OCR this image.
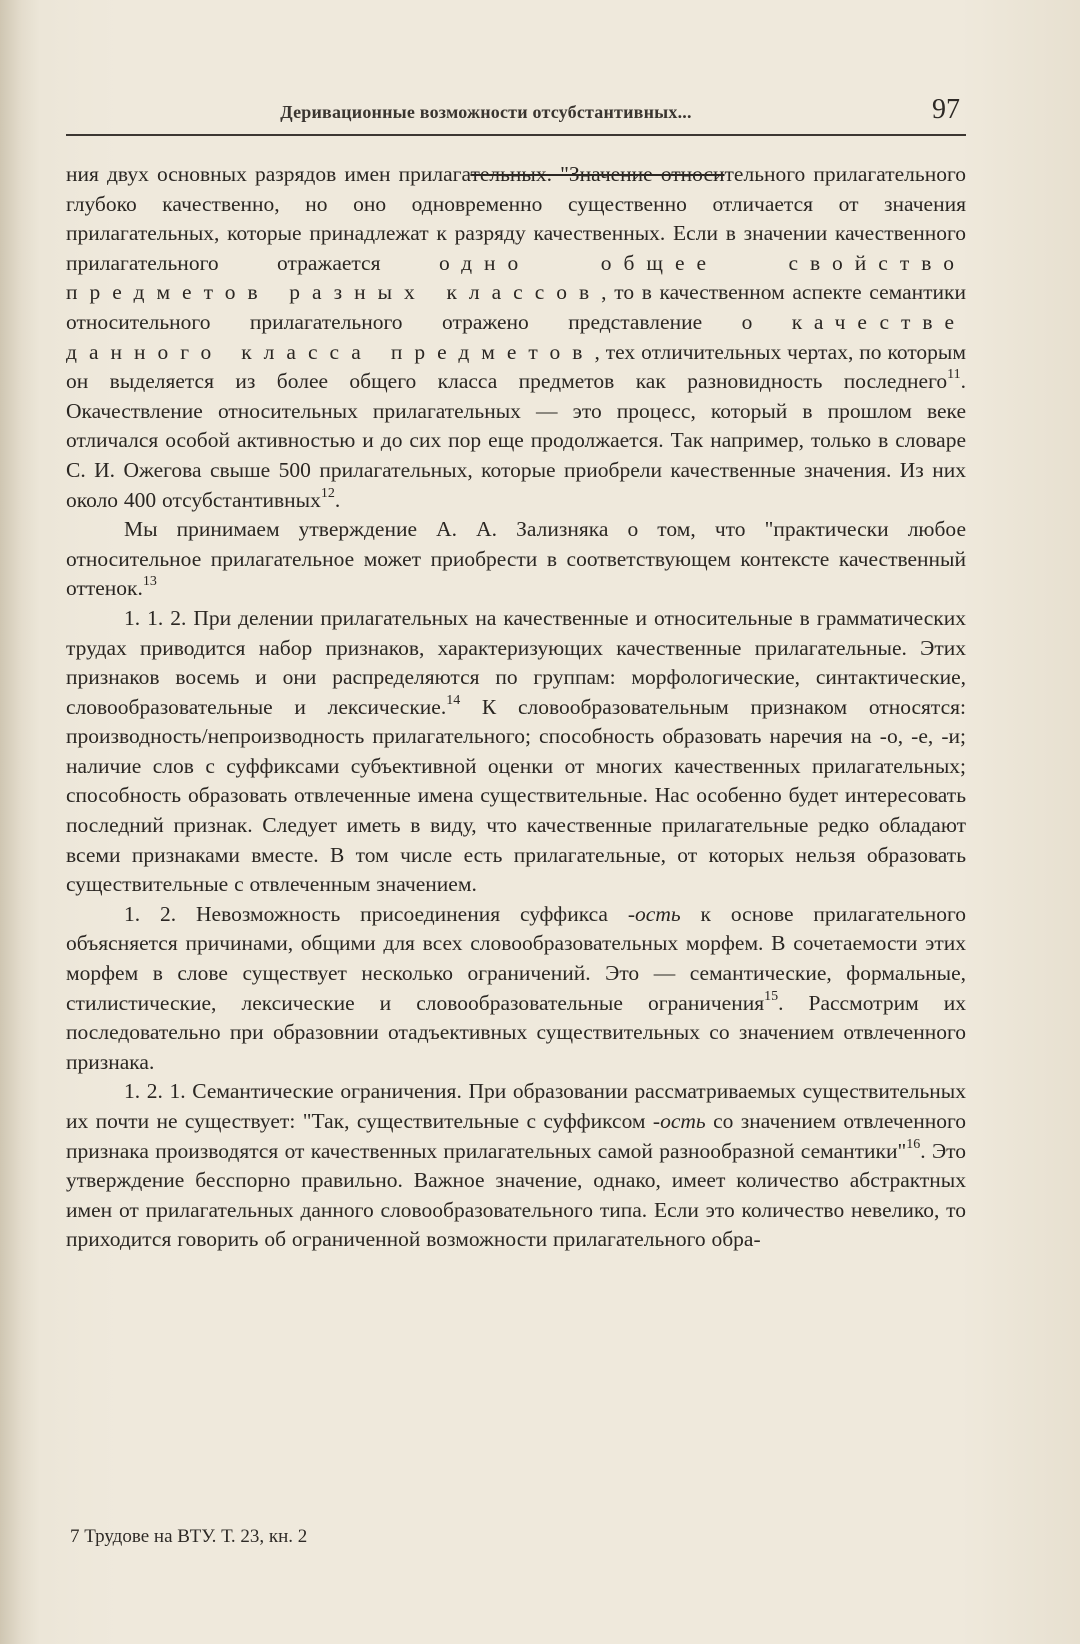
Деривационные возможности отсубстантивных...	97

ния двух основных разрядов имен прилагательных. "Значение относительного прилагательного глубоко качественно, но оно одновременно существенно отличается от значения прилагательных, которые принадлежат к разряду качественных. Если в значении качественного прилагательного отражается одно общее свойство предметов разных классов, то в качественном аспекте семантики относительного прилагательного отражено представление о качестве данного класса предметов, тех отличительных чертах, по которым он выделяется из более общего класса предметов как разновидность последнего$^{11}$. Окачествление относительных прилагательных — это процесс, который в прошлом веке отличался особой активностью и до сих пор еще продолжается. Так например, только в словаре С. И. Ожегова свыше 500 прилагательных, которые приобрели качественные значения. Из них около 400 отсубстантивных$^{12}$.

Мы принимаем утверждение А. А. Зализняка о том, что "практически любое относительное прилагательное может приобрести в соответствующем контексте качественный оттенок.$^{13}$

1. 1. 2. При делении прилагательных на качественные и относительные в грамматических трудах приводится набор признаков, характеризующих качественные прилагательные. Этих признаков восемь и они распределяются по группам: морфологические, синтактические, словообразовательные и лексические.$^{14}$ К словообразовательным признаком относятся: производность/непроизводность прилагательного; способность образовать наречия на -о, -е, -и; наличие слов с суффиксами субъективной оценки от многих качественных прилагательных; способность образовать отвлеченные имена существительные. Нас особенно будет интересовать последний признак. Следует иметь в виду, что качественные прилагательные редко обладают всеми признаками вместе. В том числе есть прилагательные, от которых нельзя образовать существительные с отвлеченным значением.

1. 2. Невозможность присоединения суффикса -ость к основе прилагательного объясняется причинами, общими для всех словообразовательных морфем. В сочетаемости этих морфем в слове существует несколько ограничений. Это — семантические, формальные, стилистические, лексические и словообразовательные ограничения$^{15}$. Рассмотрим их последовательно при образовнии отадъективных существительных со значением отвлеченного признака.

1. 2. 1. Семантические ограничения. При образовании рассматриваемых существительных их почти не существует: "Так, существительные с суффиксом -ость со значением отвлеченного признака производятся от качественных прилагательных самой разнообразной семантики"$^{16}$. Это утверждение бесспорно правильно. Важное значение, однако, имеет количество абстрактных имен от прилагательных данного словообразовательного типа. Если это количество невелико, то приходится говорить об ограниченной возможности прилагательного обра-

7 Трудове на ВТУ. Т. 23, кн. 2
